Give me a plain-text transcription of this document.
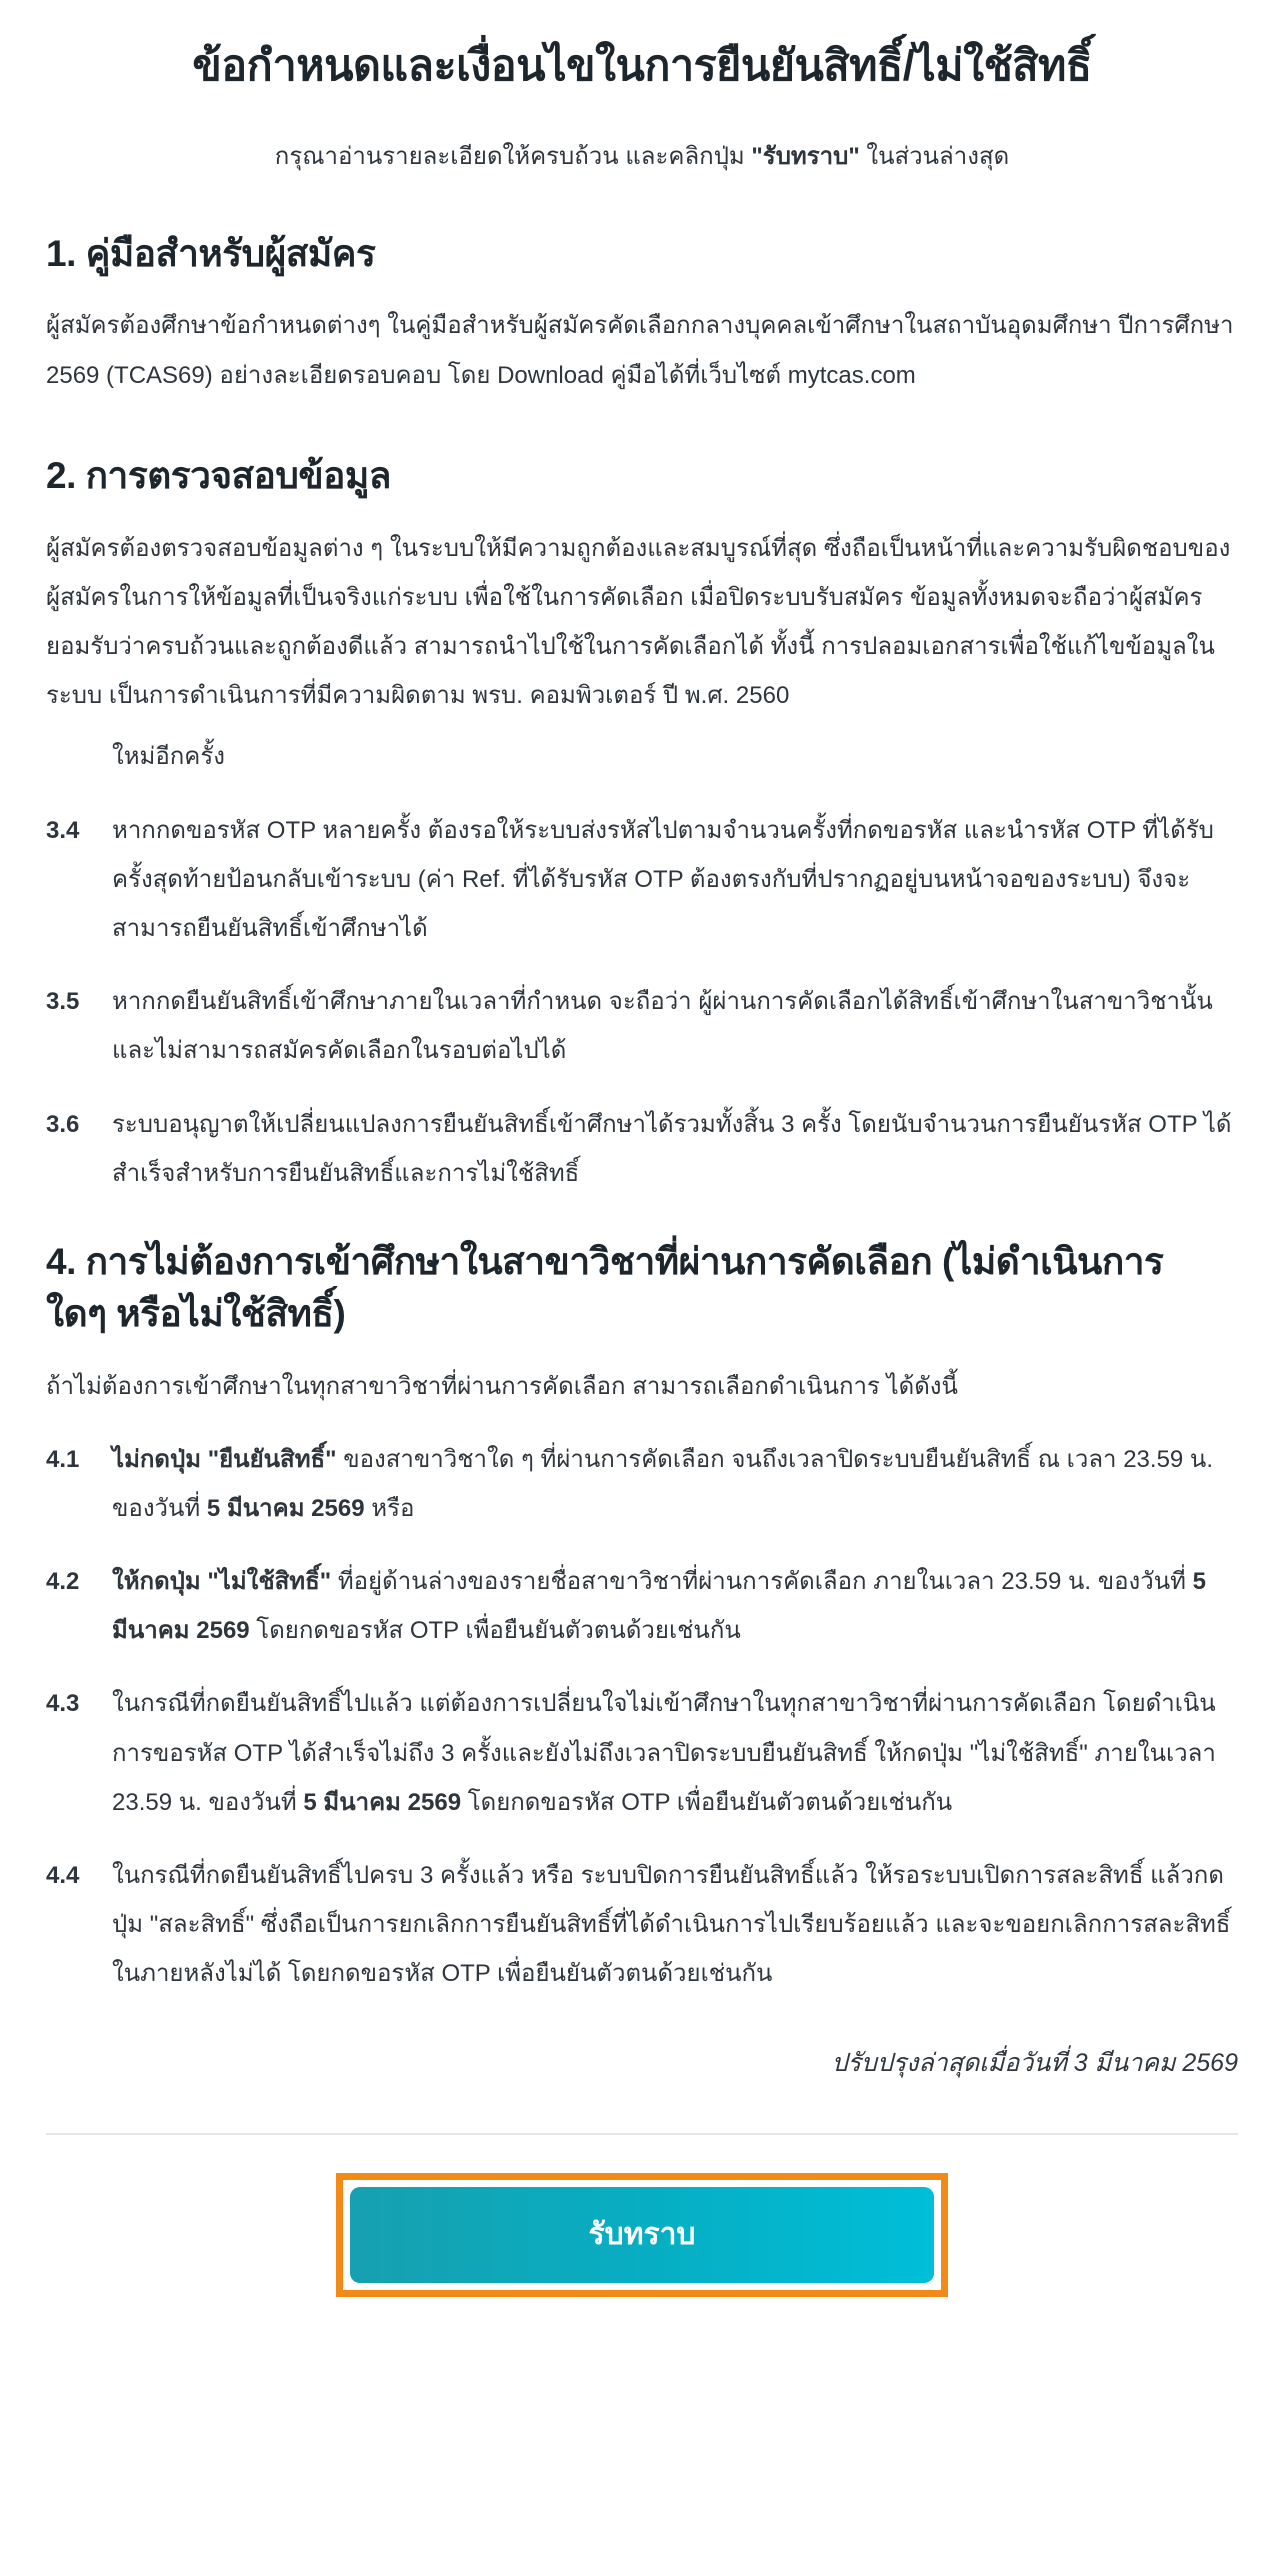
ข้อกำหนดและเงื่อนไขในการยืนยันสิทธิ์/ไม่ใช้สิทธิ์

กรุณาอ่านรายละเอียดให้ครบถ้วน และคลิกปุ่ม "รับทราบ" ในส่วนล่างสุด

1. คู่มือสำหรับผู้สมัคร

ผู้สมัครต้องศึกษาข้อกำหนดต่างๆ ในคู่มือสำหรับผู้สมัครคัดเลือกกลางบุคคลเข้าศึกษาในสถาบันอุดมศึกษา ปีการศึกษา 2569 (TCAS69) อย่างละเอียดรอบคอบ โดย Download คู่มือได้ที่เว็บไซต์ mytcas.com

2. การตรวจสอบข้อมูล

ผู้สมัครต้องตรวจสอบข้อมูลต่าง ๆ ในระบบให้มีความถูกต้องและสมบูรณ์ที่สุด ซึ่งถือเป็นหน้าที่และความรับผิดชอบของผู้สมัครในการให้ข้อมูลที่เป็นจริงแก่ระบบ เพื่อใช้ในการคัดเลือก เมื่อปิดระบบรับสมัคร ข้อมูลทั้งหมดจะถือว่าผู้สมัครยอมรับว่าครบถ้วนและถูกต้องดีแล้ว สามารถนำไปใช้ในการคัดเลือกได้ ทั้งนี้ การปลอมเอกสารเพื่อใช้แก้ไขข้อมูลในระบบ เป็นการดำเนินการที่มีความผิดตาม พรบ. คอมพิวเตอร์ ปี พ.ศ. 2560

ใหม่อีกครั้ง

3.4	หากกดขอรหัส OTP หลายครั้ง ต้องรอให้ระบบส่งรหัสไปตามจำนวนครั้งที่กดขอรหัส และนำรหัส OTP ที่ได้รับครั้งสุดท้ายป้อนกลับเข้าระบบ (ค่า Ref. ที่ได้รับรหัส OTP ต้องตรงกับที่ปรากฏอยู่บนหน้าจอของระบบ) จึงจะสามารถยืนยันสิทธิ์เข้าศึกษาได้
3.5	หากกดยืนยันสิทธิ์เข้าศึกษาภายในเวลาที่กำหนด จะถือว่า ผู้ผ่านการคัดเลือกได้สิทธิ์เข้าศึกษาในสาขาวิชานั้น และไม่สามารถสมัครคัดเลือกในรอบต่อไปได้
3.6	ระบบอนุญาตให้เปลี่ยนแปลงการยืนยันสิทธิ์เข้าศึกษาได้รวมทั้งสิ้น 3 ครั้ง โดยนับจำนวนการยืนยันรหัส OTP ได้สำเร็จสำหรับการยืนยันสิทธิ์และการไม่ใช้สิทธิ์
4. การไม่ต้องการเข้าศึกษาในสาขาวิชาที่ผ่านการคัดเลือก (ไม่ดำเนินการใดๆ หรือไม่ใช้สิทธิ์)

ถ้าไม่ต้องการเข้าศึกษาในทุกสาขาวิชาที่ผ่านการคัดเลือก สามารถเลือกดำเนินการ ได้ดังนี้

4.1	ไม่กดปุ่ม "ยืนยันสิทธิ์" ของสาขาวิชาใด ๆ ที่ผ่านการคัดเลือก จนถึงเวลาปิดระบบยืนยันสิทธิ์ ณ เวลา 23.59 น. ของวันที่ 5 มีนาคม 2569 หรือ
4.2	ให้กดปุ่ม "ไม่ใช้สิทธิ์" ที่อยู่ด้านล่างของรายชื่อสาขาวิชาที่ผ่านการคัดเลือก ภายในเวลา 23.59 น. ของวันที่ 5 มีนาคม 2569 โดยกดขอรหัส OTP เพื่อยืนยันตัวตนด้วยเช่นกัน
4.3	ในกรณีที่กดยืนยันสิทธิ์ไปแล้ว แต่ต้องการเปลี่ยนใจไม่เข้าศึกษาในทุกสาขาวิชาที่ผ่านการคัดเลือก โดยดำเนินการขอรหัส OTP ได้สำเร็จไม่ถึง 3 ครั้งและยังไม่ถึงเวลาปิดระบบยืนยันสิทธิ์ ให้กดปุ่ม "ไม่ใช้สิทธิ์" ภายในเวลา 23.59 น. ของวันที่ 5 มีนาคม 2569 โดยกดขอรหัส OTP เพื่อยืนยันตัวตนด้วยเช่นกัน
4.4	ในกรณีที่กดยืนยันสิทธิ์ไปครบ 3 ครั้งแล้ว หรือ ระบบปิดการยืนยันสิทธิ์แล้ว ให้รอระบบเปิดการสละสิทธิ์ แล้วกดปุ่ม "สละสิทธิ์" ซึ่งถือเป็นการยกเลิกการยืนยันสิทธิ์ที่ได้ดำเนินการไปเรียบร้อยแล้ว และจะขอยกเลิกการสละสิทธิ์ในภายหลังไม่ได้ โดยกดขอรหัส OTP เพื่อยืนยันตัวตนด้วยเช่นกัน

ปรับปรุงล่าสุดเมื่อวันที่ 3 มีนาคม 2569

รับทราบ
